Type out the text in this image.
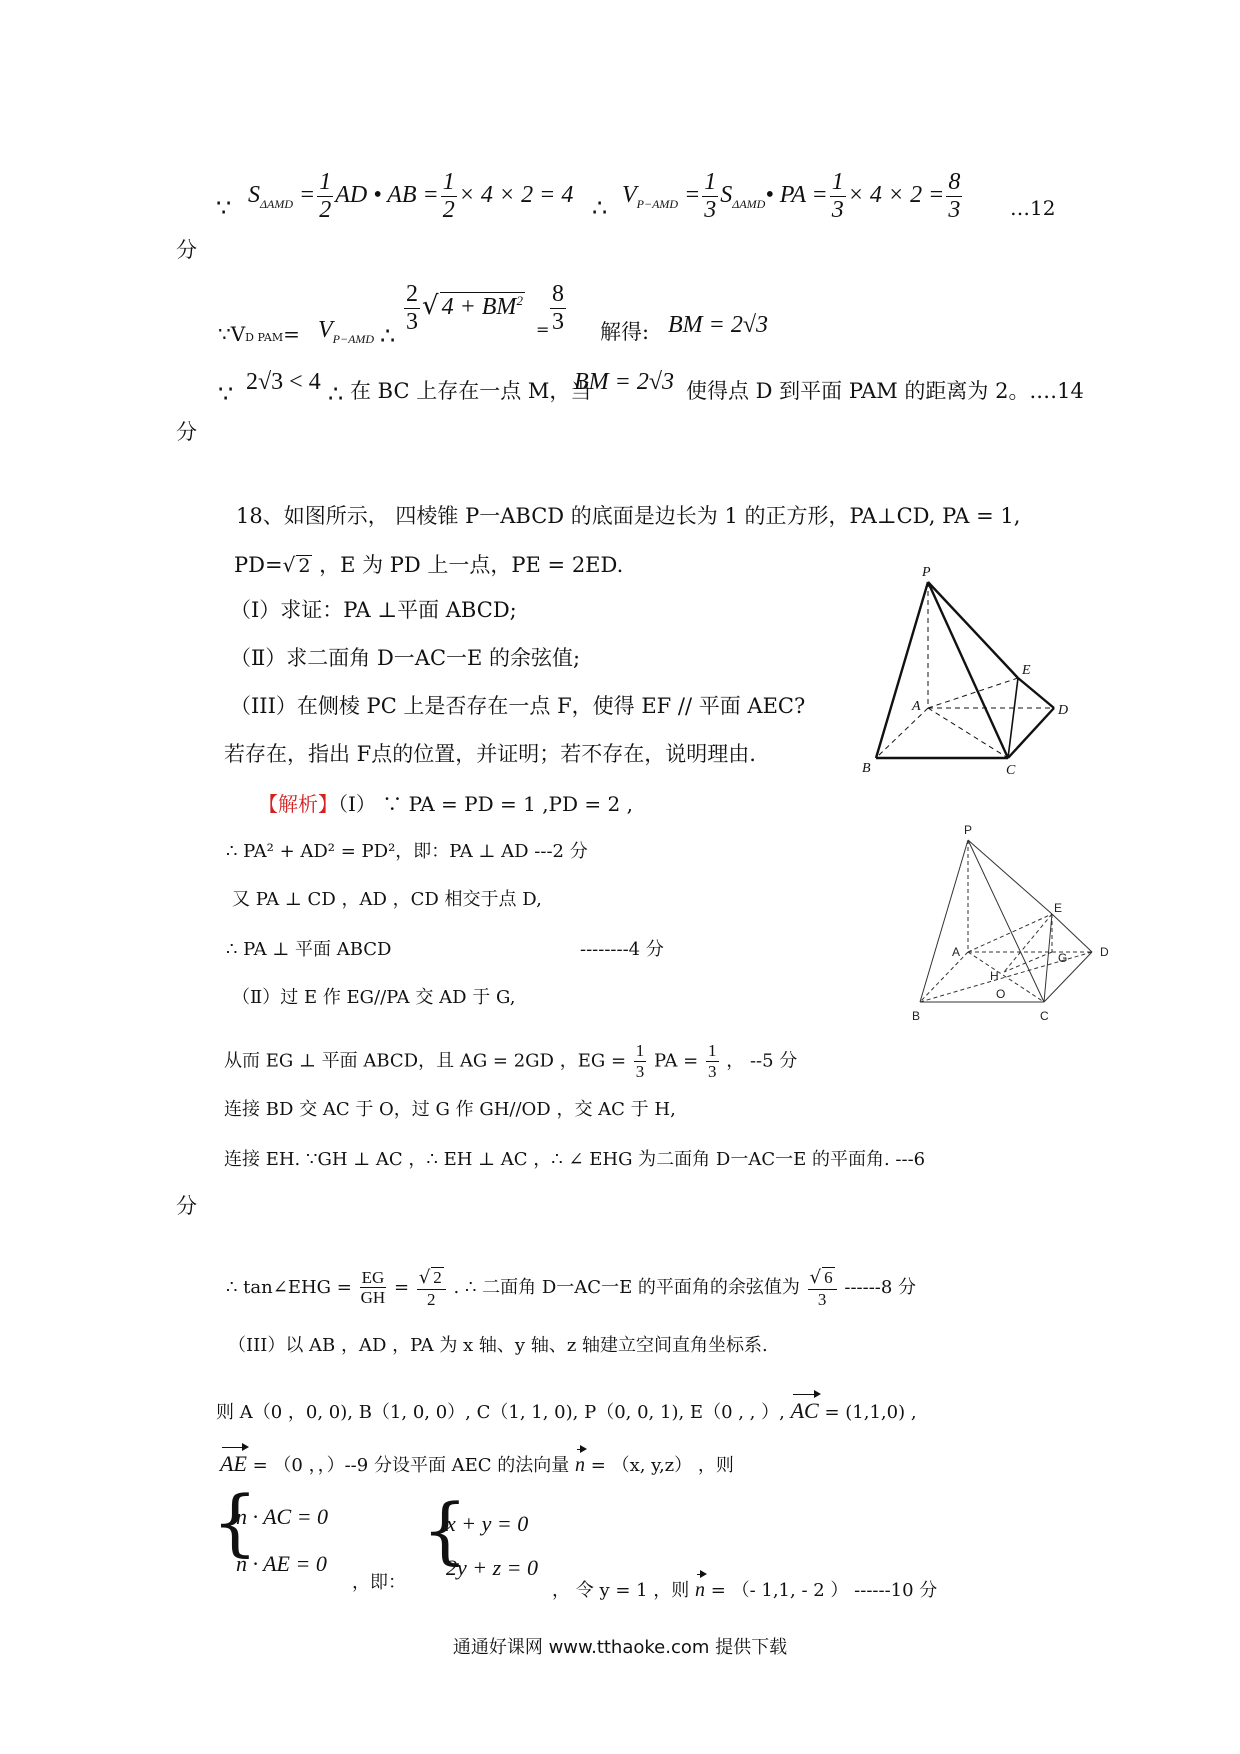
∵ $S_{\Delta AMD} = \frac{1}{2}$ AD • AB = $\frac{1}{2} \times 4 \times 2 = 4$ ∴ $V_{P-AMD} = \frac{1}{3}$ $S_{\Delta AMD}•$ PA = $\frac{1}{3} \times 4 \times 2 = \frac{8}{3}$ …12
分
∵VD $PAM= V_{P-AMD}$ ∴
$\frac{2}{3}$ √ $4 + BM^2$
= $\frac{8}{3}$ 解得: BM = 2√3
∵ 2√3 < 4 ∴ 在 BC 上存在一点 M，当
BM = 2√3 使得点 D 到平面 PAM 的距离为 2。.…14
分
18、如图所示， 四棱锥 P一ABCD 的底面是边长为 1 的正方形，PA⊥CD, PA = 1,
PD=√ 2 ，E 为 PD 上一点，PE = 2ED.
（Ⅰ）求证：PA ⊥平面 ABCD;
（Ⅱ）求二面角 D一AC一E 的余弦值;
（III）在侧棱 PC 上是否存在一点 F，使得 EF // 平面 AEC?
若存在，指出 F点的位置，并证明；若不存在，说明理由.
P
A
B	C
D
E
P
A
B	C
D
E
G
H
O
【解析】（Ⅰ） ∵ PA = PD = 1 ,PD = 2 ,
∴ PA² + AD² = PD²，即：PA ⊥ AD ---2 分
又 PA ⊥ CD ，AD ，CD 相交于点 D,
∴ PA ⊥ 平面 ABCD	--------4 分
（Ⅱ）过 E 作 EG//PA 交 AD 于 G,
从而 EG ⊥ 平面 ABCD，且 AG = 2GD ，EG = $\frac{1}{3}$ PA = $\frac{1}{3}$ ， --5 分
连接 BD 交 AC 于 O，过 G 作 GH//OD ，交 AC 于 H,
连接 EH. ∵GH ⊥ AC ，∴ EH ⊥ AC ，∴ ∠ EHG 为二面角 D一AC一E 的平面角. ---6
分
∴ tan∠EHG = $\frac{EG}{GH} = \frac{√ 2}{2}$ . ∴ 二面角 D一AC一E 的平面角的余弦值为 $\frac{√ 6}{3} ------8$ 分
（III）以 AB ，AD ，PA 为 x 轴、y 轴、z 轴建立空间直角坐标系.
则 A（0 ，0, 0), B（1, 0, 0）, C（1, 1, 0), P（0, 0, 1), E（0 , , ）, AC = (1,1,0) ,
AE = （0 ，，）--9 分设平面 AEC 的法向量 n = （x, y,z） ，则
{
n · AC = 0
n · AE = 0
，即：
{
x + y = 0
2y + z = 0
， 令 y = 1 ，则 n = （- 1,1, - 2 ） ------10 分
通通好课网 www.tthaoke.com 提供下载
